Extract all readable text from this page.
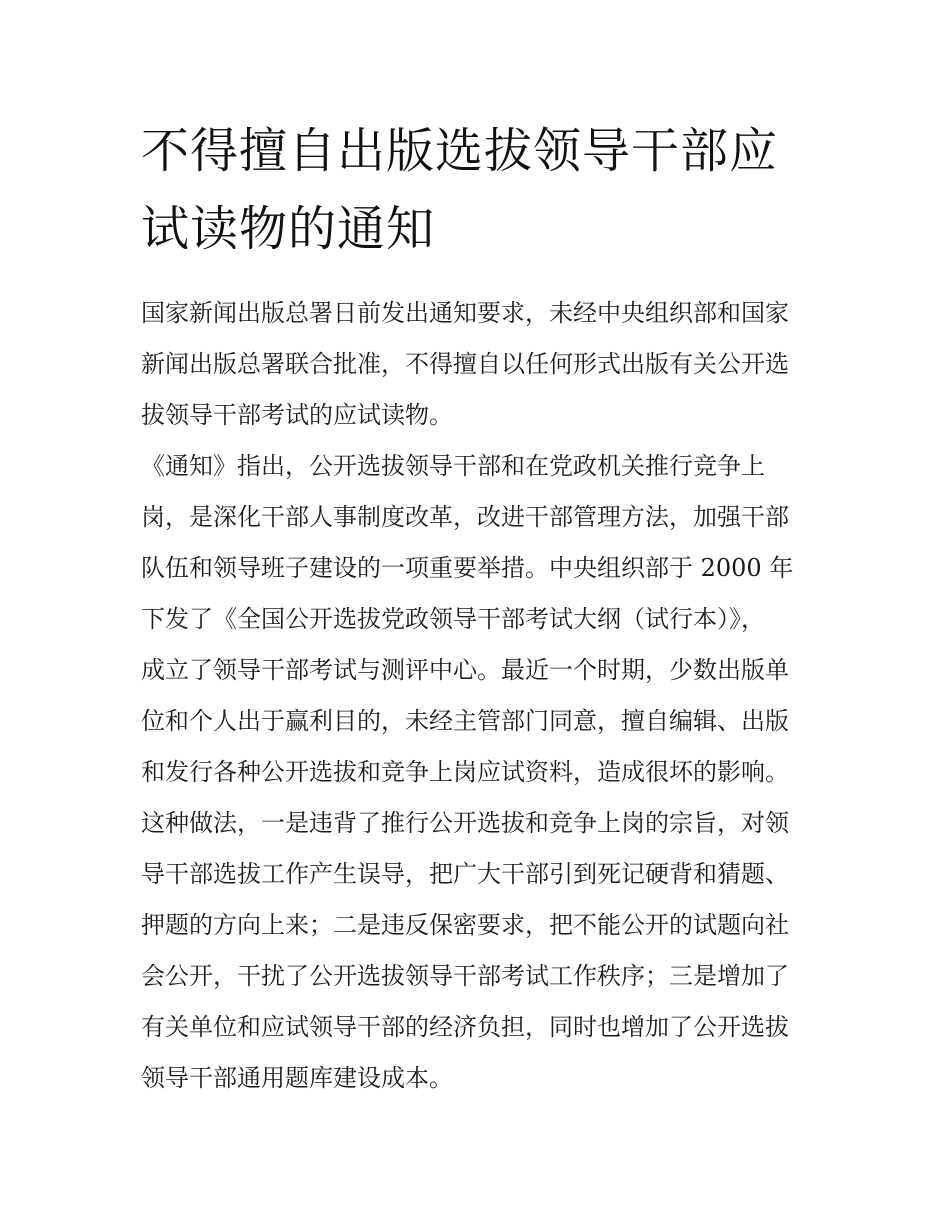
不得擅自出版选拔领导干部应
试读物的通知

国家新闻出版总署日前发出通知要求，未经中央组织部和国家
新闻出版总署联合批准，不得擅自以任何形式出版有关公开选
拔领导干部考试的应试读物。

《通知》指出，公开选拔领导干部和在党政机关推行竞争上
岗，是深化干部人事制度改革，改进干部管理方法，加强干部
队伍和领导班子建设的一项重要举措。中央组织部于 2000 年
下发了《全国公开选拔党政领导干部考试大纲（试行本）》，
成立了领导干部考试与测评中心。最近一个时期，少数出版单
位和个人出于赢利目的，未经主管部门同意，擅自编辑、出版
和发行各种公开选拔和竞争上岗应试资料，造成很坏的影响。
这种做法，一是违背了推行公开选拔和竞争上岗的宗旨，对领
导干部选拔工作产生误导，把广大干部引到死记硬背和猜题、
押题的方向上来；二是违反保密要求，把不能公开的试题向社
会公开，干扰了公开选拔领导干部考试工作秩序；三是增加了
有关单位和应试领导干部的经济负担，同时也增加了公开选拔
领导干部通用题库建设成本。
